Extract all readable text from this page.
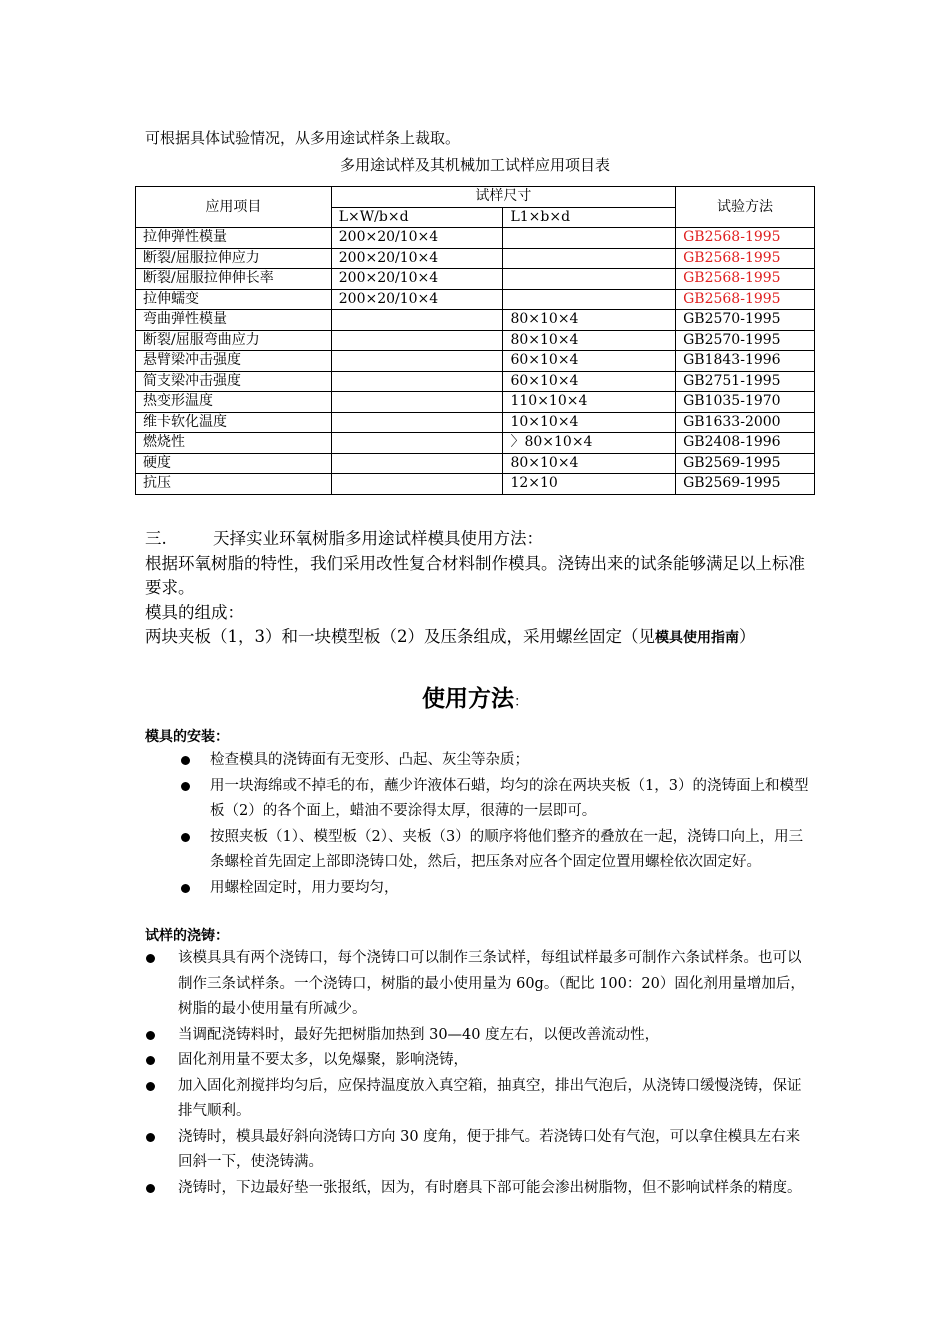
可根据具体试验情况，从多用途试样条上裁取。
多用途试样及其机械加工试样应用项目表
应用项目	试样尺寸		试验方法
	L×W/b×d	L1×b×d	
拉伸弹性模量	200×20/10×4		GB2568-1995
断裂/屈服拉伸应力	200×20/10×4		GB2568-1995
断裂/屈服拉伸伸长率	200×20/10×4		GB2568-1995
拉伸蠕变	200×20/10×4		GB2568-1995
弯曲弹性模量		80×10×4	GB2570-1995
断裂/屈服弯曲应力		80×10×4	GB2570-1995
悬臂梁冲击强度		60×10×4	GB1843-1996
简支梁冲击强度		60×10×4	GB2751-1995
热变形温度		110×10×4	GB1035-1970
维卡软化温度		10×10×4	GB1633-2000
燃烧性		〉80×10×4	GB2408-1996
硬度		80×10×4	GB2569-1995
抗压		12×10	GB2569-1995
三.	天择实业环氧树脂多用途试样模具使用方法：

根据环氧树脂的特性，我们采用改性复合材料制作模具。浇铸出来的试条能够满足以上标准要求。

模具的组成：

两块夹板（1，3）和一块模型板（2）及压条组成，采用螺丝固定（见模具使用指南）

使用方法：
模具的安装：
检查模具的浇铸面有无变形、凸起、灰尘等杂质；
用一块海绵或不掉毛的布，蘸少许液体石蜡，均匀的涂在两块夹板（1，3）的浇铸面上和模型板（2）的各个面上，蜡油不要涂得太厚，很薄的一层即可。
按照夹板（1）、模型板（2）、夹板（3）的顺序将他们整齐的叠放在一起，浇铸口向上，用三条螺栓首先固定上部即浇铸口处，然后，把压条对应各个固定位置用螺栓依次固定好。
用螺栓固定时，用力要均匀，
试样的浇铸：
该模具具有两个浇铸口，每个浇铸口可以制作三条试样，每组试样最多可制作六条试样条。也可以制作三条试样条。一个浇铸口，树脂的最小使用量为 60g。（配比 100：20）固化剂用量增加后，树脂的最小使用量有所减少。
当调配浇铸料时，最好先把树脂加热到 30—40 度左右，以便改善流动性，
固化剂用量不要太多，以免爆聚，影响浇铸，
加入固化剂搅拌均匀后，应保持温度放入真空箱，抽真空，排出气泡后，从浇铸口缓慢浇铸，保证排气顺利。
浇铸时，模具最好斜向浇铸口方向 30 度角，便于排气。若浇铸口处有气泡，可以拿住模具左右来回斜一下，使浇铸满。
浇铸时，下边最好垫一张报纸，因为，有时磨具下部可能会渗出树脂物，但不影响试样条的精度。
